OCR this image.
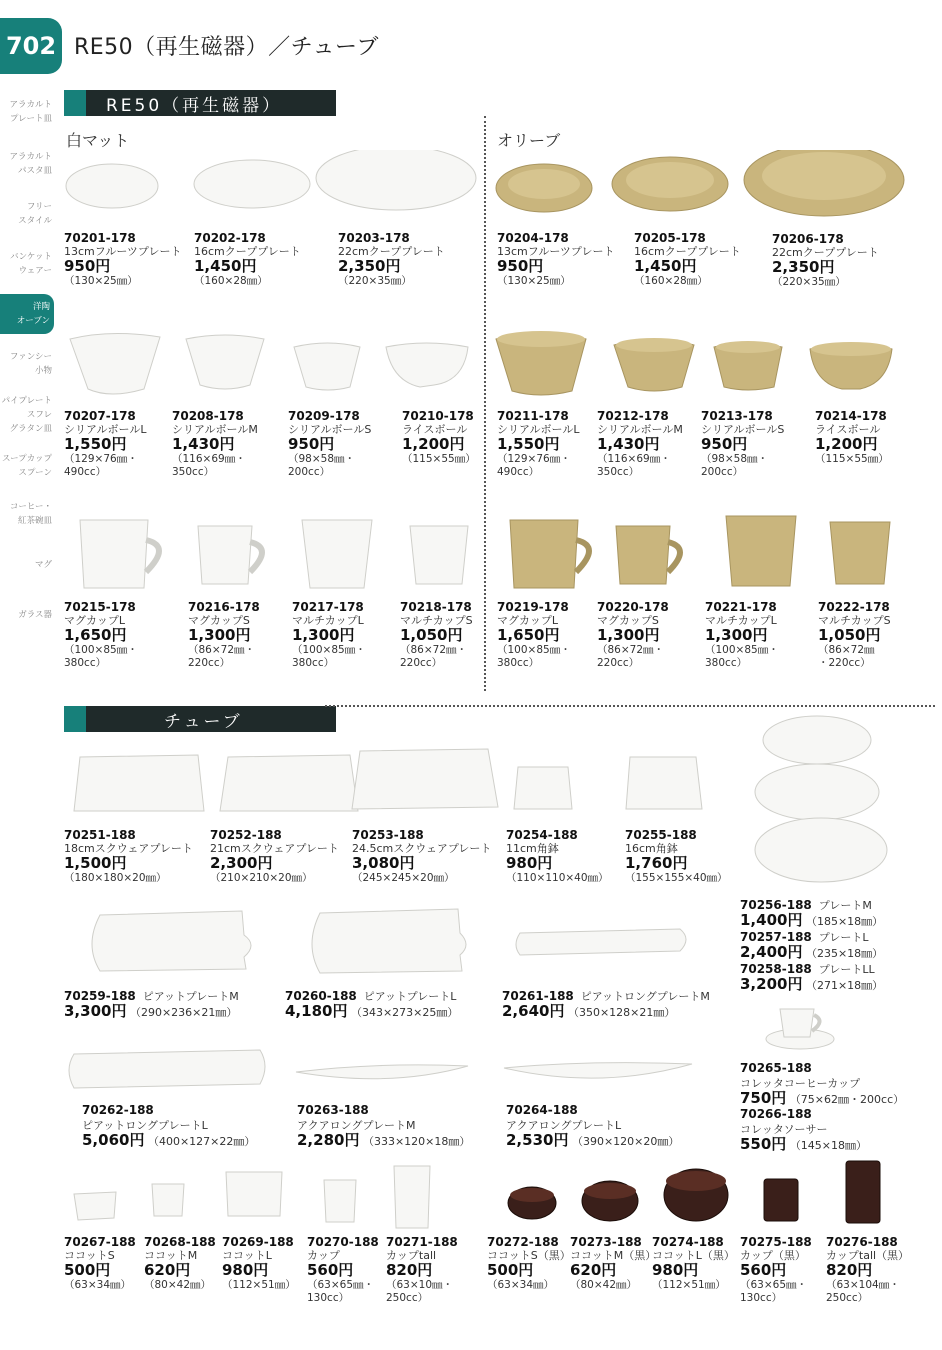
702 RE50（再生磁器）／チューブ
アラカルト
プレート皿
アラカルト
パスタ皿
フリー
スタイル
バンケット
ウェアー
洋陶
オーブン
ファンシー
小物
パイプレート
スフレ
グラタン皿
スープカップ
スプーン
コーヒー・
紅茶碗皿
マグ
ガラス器
RE50（再生磁器）
白マット	オリーブ
70201-178
13cmフルーツプレート
950円
（130×25㎜）
70202-178
16cmクーププレート
1,450円
（160×28㎜）
70203-178
22cmクーププレート
2,350円
（220×35㎜）
70204-178
13cmフルーツプレート
950円
（130×25㎜）
70205-178
16cmクーププレート
1,450円
（160×28㎜）
70206-178
22cmクーププレート
2,350円
（220×35㎜）
70207-178
シリアルボールL
1,550円
（129×76㎜・
490cc）
70208-178
シリアルボールM
1,430円
（116×69㎜・
350cc）
70209-178
シリアルボールS
950円
（98×58㎜・
200cc）
70210-178
ライスボール
1,200円
（115×55㎜）
70211-178
シリアルボールL
1,550円
（129×76㎜・
490cc）
70212-178
シリアルボールM
1,430円
（116×69㎜・
350cc）
70213-178
シリアルボールS
950円
（98×58㎜・
200cc）
70214-178
ライスボール
1,200円
（115×55㎜）
70215-178
マグカップL
1,650円
（100×85㎜・
380cc）
70216-178
マグカップS
1,300円
（86×72㎜・
220cc）
70217-178
マルチカップL
1,300円
（100×85㎜・
380cc）
70218-178
マルチカップS
1,050円
（86×72㎜・
220cc）
70219-178
マグカップL
1,650円
（100×85㎜・
380cc）
70220-178
マグカップS
1,300円
（86×72㎜・
220cc）
70221-178
マルチカップL
1,300円
（100×85㎜・
380cc）
70222-178
マルチカップS
1,050円
（86×72㎜
・220cc）
チューブ
70251-188
18cmスクウェアプレート
1,500円
（180×180×20㎜）
70252-188
21cmスクウェアプレート
2,300円
（210×210×20㎜）
70253-188
24.5cmスクウェアプレート
3,080円
（245×245×20㎜）
70254-188
11cm角鉢
980円
（110×110×40㎜）
70255-188
16cm角鉢
1,760円
（155×155×40㎜）
70256-188 プレートM
1,400円 （185×18㎜）
70257-188 プレートL
2,400円 （235×18㎜）
70258-188 プレートLL
3,200円 （271×18㎜）
70259-188 ピアットプレートM
3,300円 （290×236×21㎜）
70260-188 ピアットプレートL
4,180円 （343×273×25㎜）
70261-188 ピアットロングプレートM
2,640円 （350×128×21㎜）
70265-188
コレッタコーヒーカップ
750円 （75×62㎜・200cc）
70266-188
コレッタソーサー
550円 （145×18㎜）
70262-188
ピアットロングプレートL
5,060円 （400×127×22㎜）
70263-188
アクアロングプレートM
2,280円 （333×120×18㎜）
70264-188
アクアロングプレートL
2,530円 （390×120×20㎜）
70267-188
ココットS
500円
（63×34㎜）
70268-188
ココットM
620円
（80×42㎜）
70269-188
ココットL
980円
（112×51㎜）
70270-188
カップ
560円
（63×65㎜・
130cc）
70271-188
カップtall
820円
（63×10㎜・
250cc）
70272-188
ココットS（黒）
500円
（63×34㎜）
70273-188
ココットM（黒）
620円
（80×42㎜）
70274-188
ココットL（黒）
980円
（112×51㎜）
70275-188
カップ（黒）
560円
（63×65㎜・
130cc）
70276-188
カップtall（黒）
820円
（63×104㎜・
250cc）
